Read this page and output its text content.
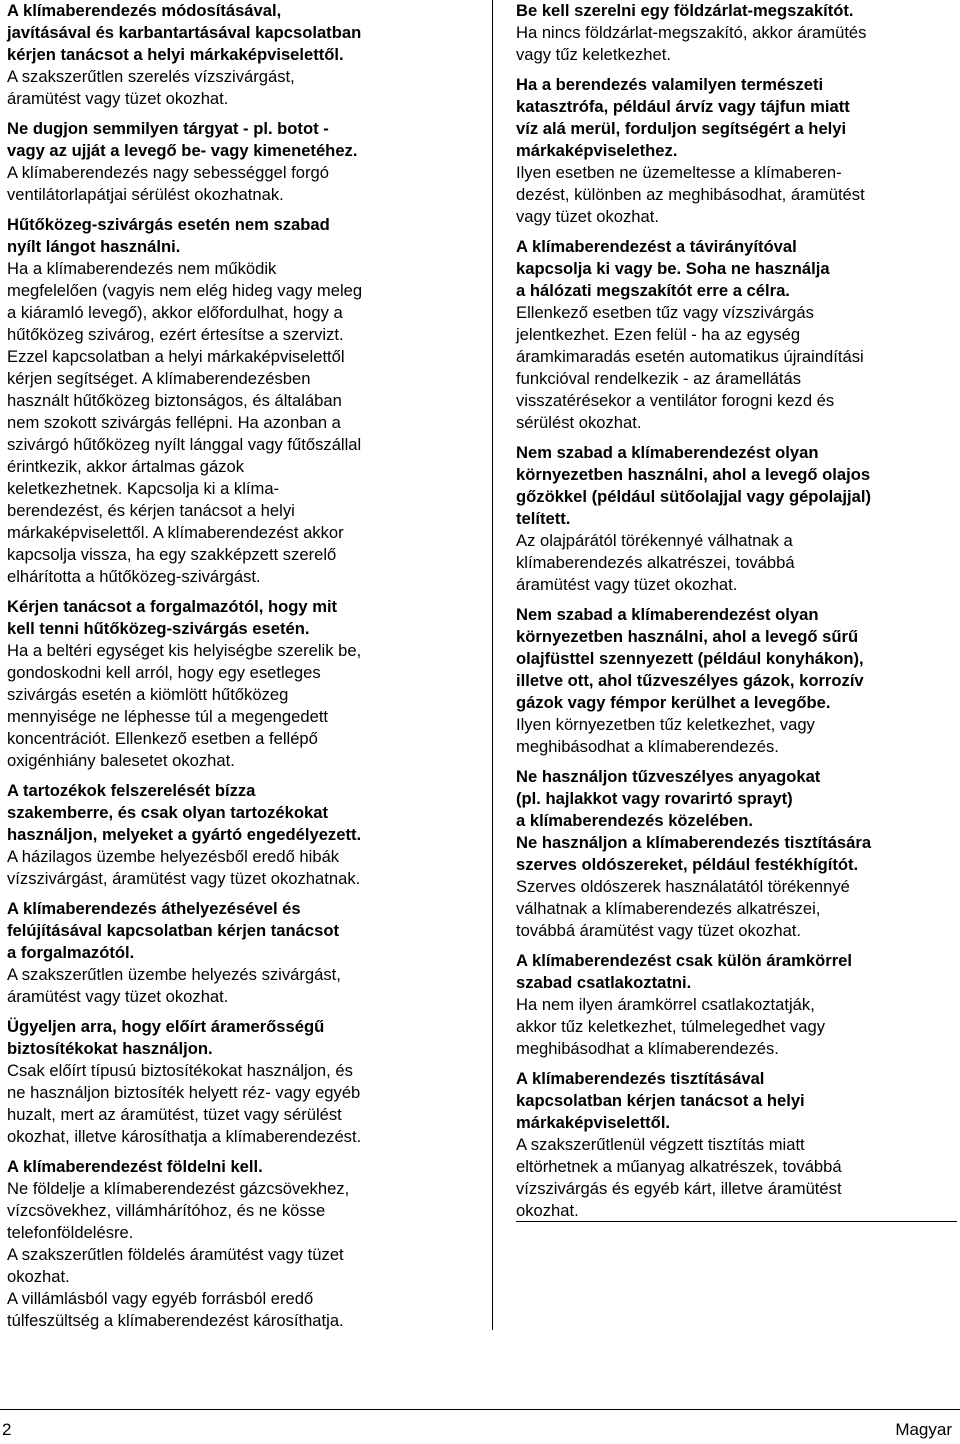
A klímaberendezés módosításával,
javításával és karbantartásával kapcsolatban
kérjen tanácsot a helyi márkaképviselettől.
A szakszerűtlen szerelés vízszivárgást,
áramütést vagy tüzet okozhat.
Ne dugjon semmilyen tárgyat - pl. botot -
vagy az ujját a levegő be- vagy kimenetéhez.
A klímaberendezés nagy sebességgel forgó
ventilátorlapátjai sérülést okozhatnak.
Hűtőközeg-szivárgás esetén nem szabad
nyílt lángot használni.
Ha a klímaberendezés nem működik
megfelelően (vagyis nem elég hideg vagy meleg
a kiáramló levegő), akkor előfordulhat, hogy a
hűtőközeg szivárog, ezért értesítse a szervizt.
Ezzel kapcsolatban a helyi márkaképviselettől
kérjen segítséget. A klímaberendezésben
használt hűtőközeg biztonságos, és általában
nem szokott szivárgás fellépni. Ha azonban a
szivárgó hűtőközeg nyílt lánggal vagy fűtőszállal
érintkezik, akkor ártalmas gázok
keletkezhetnek. Kapcsolja ki a klíma-
berendezést, és kérjen tanácsot a helyi
márkaképviselettől. A klímaberendezést akkor
kapcsolja vissza, ha egy szakképzett szerelő
elhárította a hűtőközeg-szivárgást.
Kérjen tanácsot a forgalmazótól, hogy mit
kell tenni hűtőközeg-szivárgás esetén.
Ha a beltéri egységet kis helyiségbe szerelik be,
gondoskodni kell arról, hogy egy esetleges
szivárgás esetén a kiömlött hűtőközeg
mennyisége ne léphesse túl a megengedett
koncentrációt. Ellenkező esetben a fellépő
oxigénhiány balesetet okozhat.
A tartozékok felszerelését bízza
szakemberre, és csak olyan tartozékokat
használjon, melyeket a gyártó engedélyezett.
A házilagos üzembe helyezésből eredő hibák
vízszivárgást, áramütést vagy tüzet okozhatnak.
A klímaberendezés áthelyezésével és
felújításával kapcsolatban kérjen tanácsot
a forgalmazótól.
A szakszerűtlen üzembe helyezés szivárgást,
áramütést vagy tüzet okozhat.
Ügyeljen arra, hogy előírt áramerősségű
biztosítékokat használjon.
Csak előírt típusú biztosítékokat használjon, és
ne használjon biztosíték helyett réz- vagy egyéb
huzalt, mert az áramütést, tüzet vagy sérülést
okozhat, illetve károsíthatja a klímaberendezést.
A klímaberendezést földelni kell.
Ne földelje a klímaberendezést gázcsövekhez,
vízcsövekhez, villámhárítóhoz, és ne kösse
telefonföldelésre.
A szakszerűtlen földelés áramütést vagy tüzet
okozhat.
A villámlásból vagy egyéb forrásból eredő
túlfeszültség a klímaberendezést károsíthatja.
Be kell szerelni egy földzárlat-megszakítót.
Ha nincs földzárlat-megszakító, akkor áramütés
vagy tűz keletkezhet.
Ha a berendezés valamilyen természeti
katasztrófa, például árvíz vagy tájfun miatt
víz alá merül, forduljon segítségért a helyi
márkaképviselethez.
Ilyen esetben ne üzemeltesse a klímaberen-
dezést, különben az meghibásodhat, áramütést
vagy tüzet okozhat.
A klímaberendezést a távirányítóval
kapcsolja ki vagy be. Soha ne használja
a hálózati megszakítót erre a célra.
Ellenkező esetben tűz vagy vízszivárgás
jelentkezhet. Ezen felül - ha az egység
áramkimaradás esetén automatikus újraindítási
funkcióval rendelkezik - az áramellátás
visszatérésekor a ventilátor forogni kezd és
sérülést okozhat.
Nem szabad a klímaberendezést olyan
környezetben használni, ahol a levegő olajos
gőzökkel (például sütőolajjal vagy gépolajjal)
telített.
Az olajpárától törékennyé válhatnak a
klímaberendezés alkatrészei, továbbá
áramütést vagy tüzet okozhat.
Nem szabad a klímaberendezést olyan
környezetben használni, ahol a levegő sűrű
olajfüsttel szennyezett (például konyhákon),
illetve ott, ahol tűzveszélyes gázok, korrozív
gázok vagy fémpor kerülhet a levegőbe.
Ilyen környezetben tűz keletkezhet, vagy
meghibásodhat a klímaberendezés.
Ne használjon tűzveszélyes anyagokat
(pl. hajlakkot vagy rovarirtó sprayt)
a klímaberendezés közelében.
Ne használjon a klímaberendezés tisztítására
szerves oldószereket, például festékhígítót.
Szerves oldószerek használatától törékennyé
válhatnak a klímaberendezés alkatrészei,
továbbá áramütést vagy tüzet okozhat.
A klímaberendezést csak külön áramkörrel
szabad csatlakoztatni.
Ha nem ilyen áramkörrel csatlakoztatják,
akkor tűz keletkezhet, túlmelegedhet vagy
meghibásodhat a klímaberendezés.
A klímaberendezés tisztításával
kapcsolatban kérjen tanácsot a helyi
márkaképviselettől.
A szakszerűtlenül végzett tisztítás miatt
eltörhetnek a műanyag alkatrészek, továbbá
vízszivárgás és egyéb kárt, illetve áramütést
okozhat.
2	Magyar
